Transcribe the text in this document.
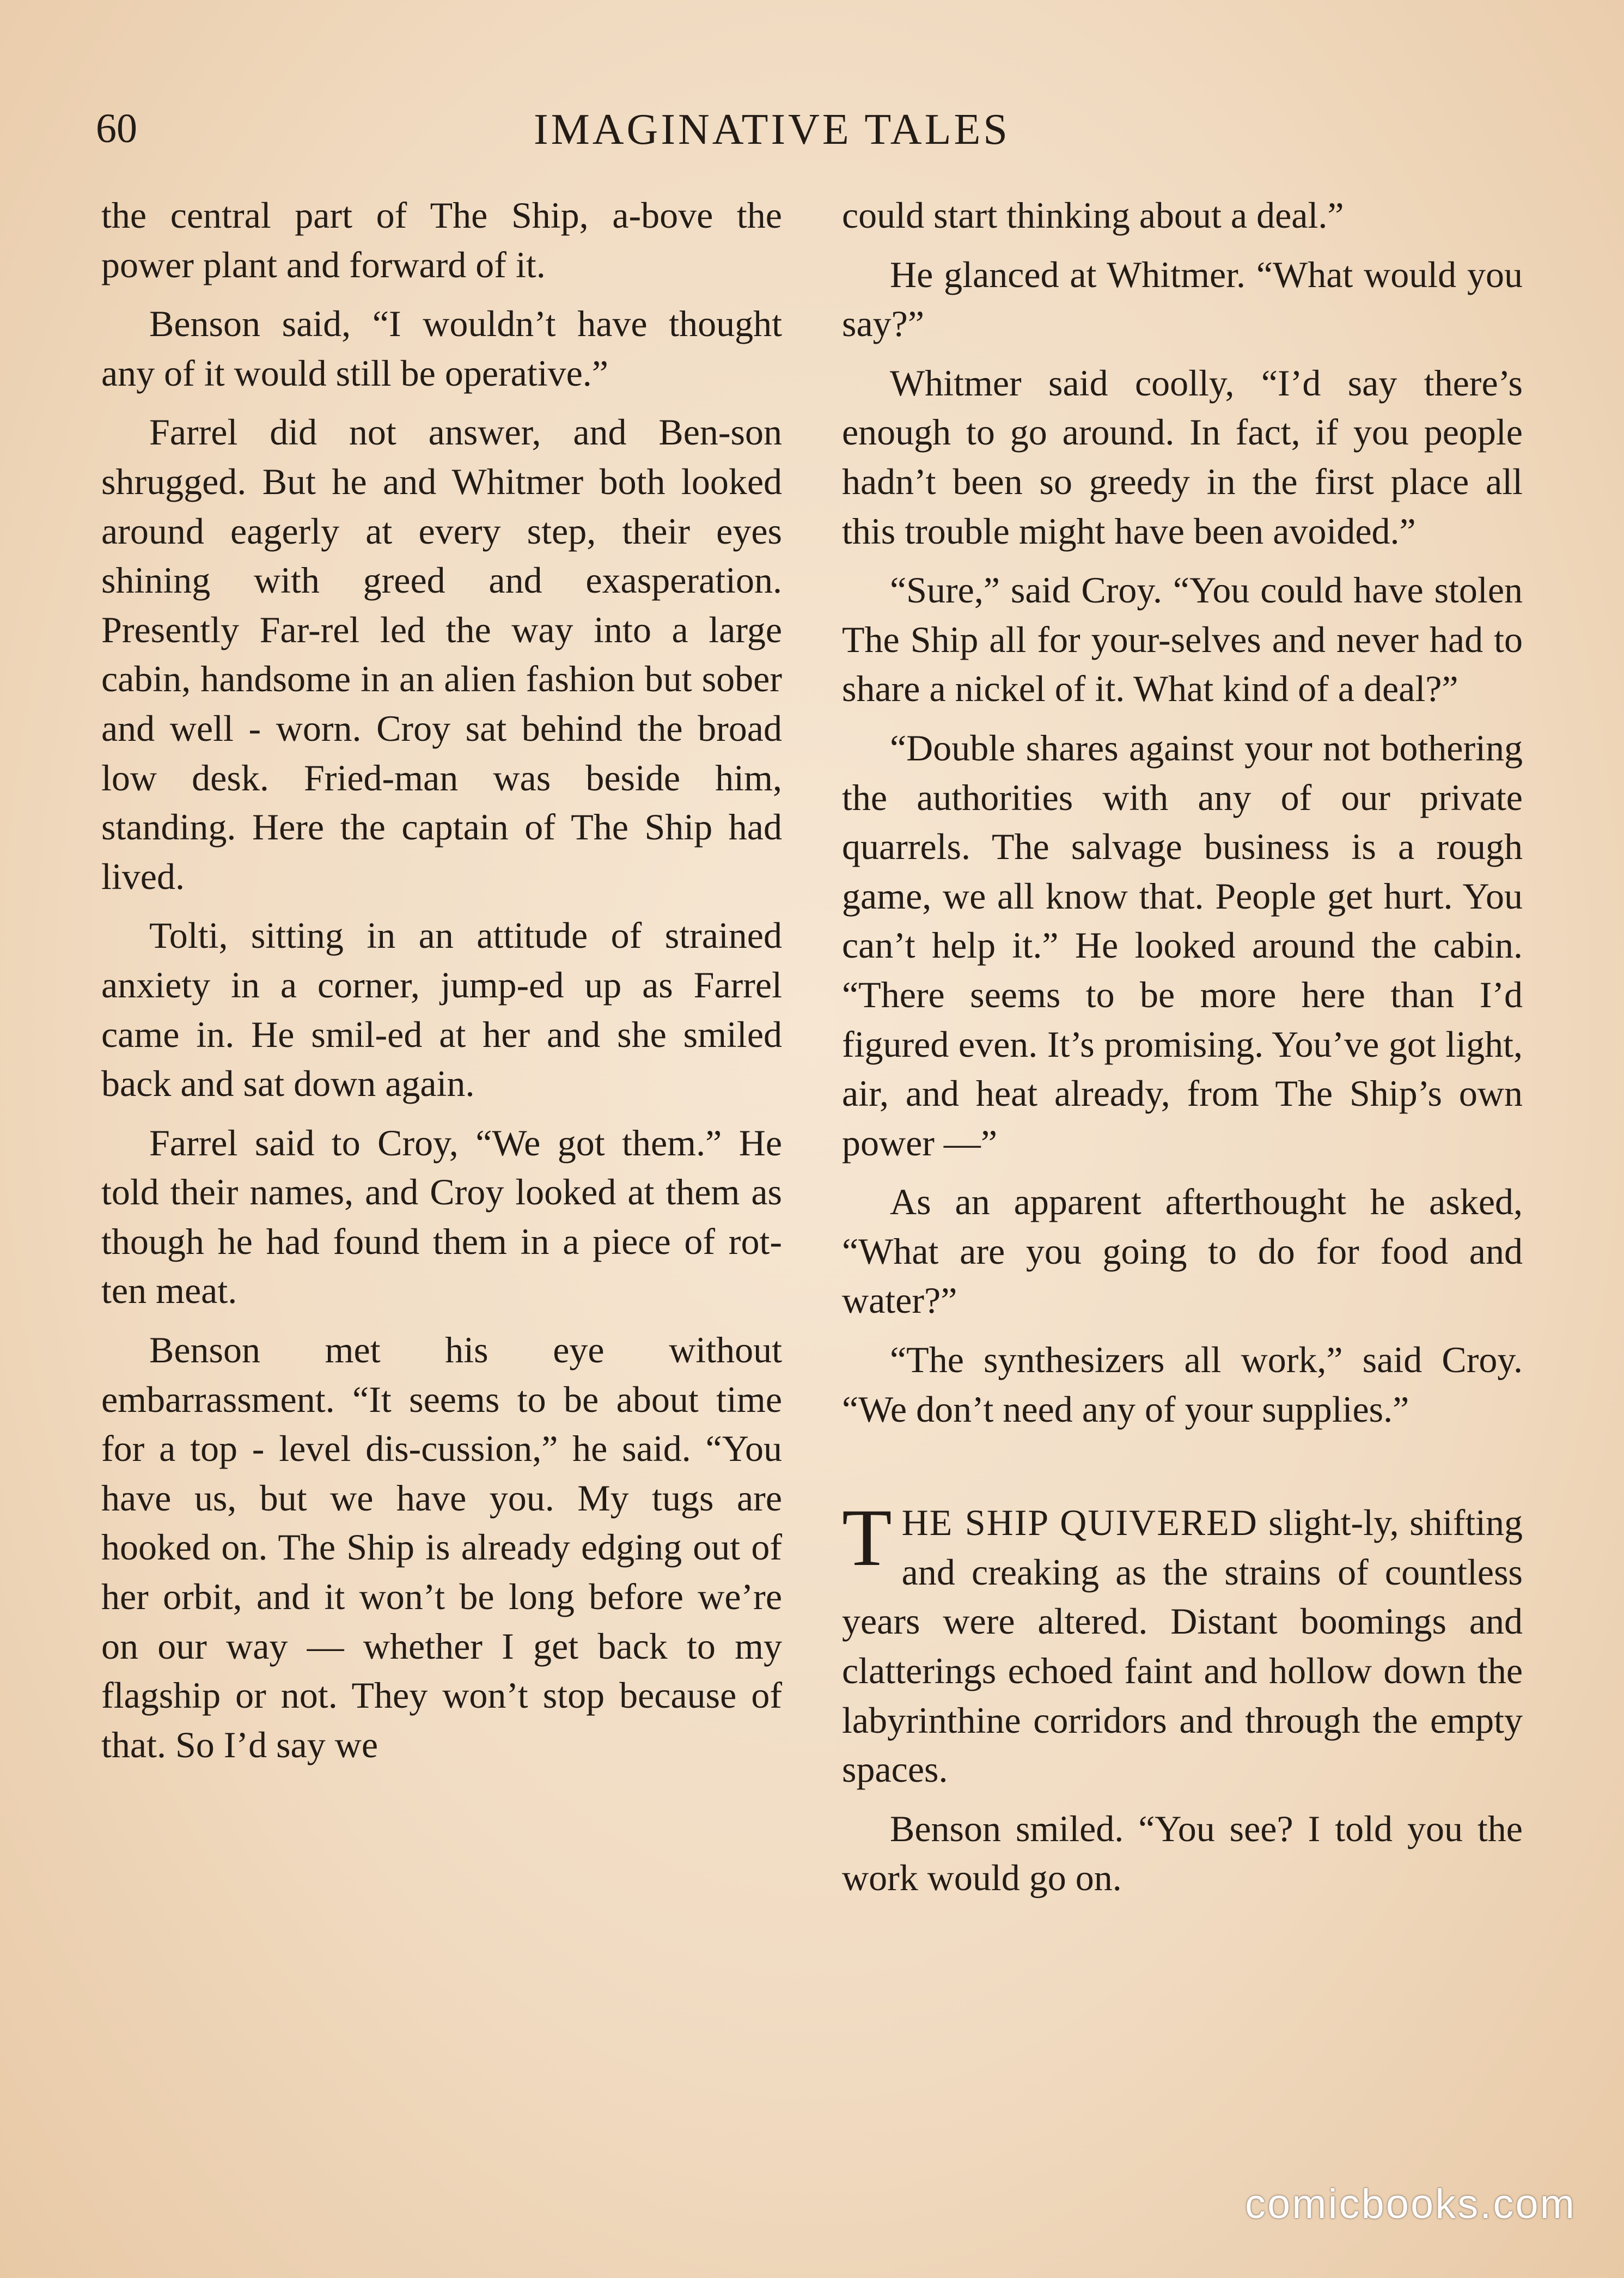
60	IMAGINATIVE TALES

the central part of The Ship, a-bove the power plant and forward of it.

Benson said, “I wouldn’t have thought any of it would still be operative.”

Farrel did not answer, and Ben-son shrugged. But he and Whitmer both looked around eagerly at every step, their eyes shining with greed and exasperation. Presently Far-rel led the way into a large cabin, handsome in an alien fashion but sober and well - worn. Croy sat behind the broad low desk. Fried-man was beside him, standing. Here the captain of The Ship had lived.

Tolti, sitting in an attitude of strained anxiety in a corner, jump-ed up as Farrel came in. He smil-ed at her and she smiled back and sat down again.

Farrel said to Croy, “We got them.” He told their names, and Croy looked at them as though he had found them in a piece of rot-ten meat.

Benson met his eye without embarrassment. “It seems to be about time for a top - level dis-cussion,” he said. “You have us, but we have you. My tugs are hooked on. The Ship is already edging out of her orbit, and it won’t be long before we’re on our way — whether I get back to my flagship or not. They won’t stop because of that. So I’d say we

could start thinking about a deal.”

He glanced at Whitmer. “What would you say?”

Whitmer said coolly, “I’d say there’s enough to go around. In fact, if you people hadn’t been so greedy in the first place all this trouble might have been avoided.”

“Sure,” said Croy. “You could have stolen The Ship all for your-selves and never had to share a nickel of it. What kind of a deal?”

“Double shares against your not bothering the authorities with any of our private quarrels. The salvage business is a rough game, we all know that. People get hurt. You can’t help it.” He looked around the cabin. “There seems to be more here than I’d figured even. It’s promising. You’ve got light, air, and heat already, from The Ship’s own power —”

As an apparent afterthought he asked, “What are you going to do for food and water?”

“The synthesizers all work,” said Croy. “We don’t need any of your supplies.”

THE SHIP QUIVERED slight-ly, shifting and creaking as the strains of countless years were altered. Distant boomings and clatterings echoed faint and hollow down the labyrinthine corridors and through the empty spaces.

Benson smiled. “You see? I told you the work would go on.

comicbooks.com
